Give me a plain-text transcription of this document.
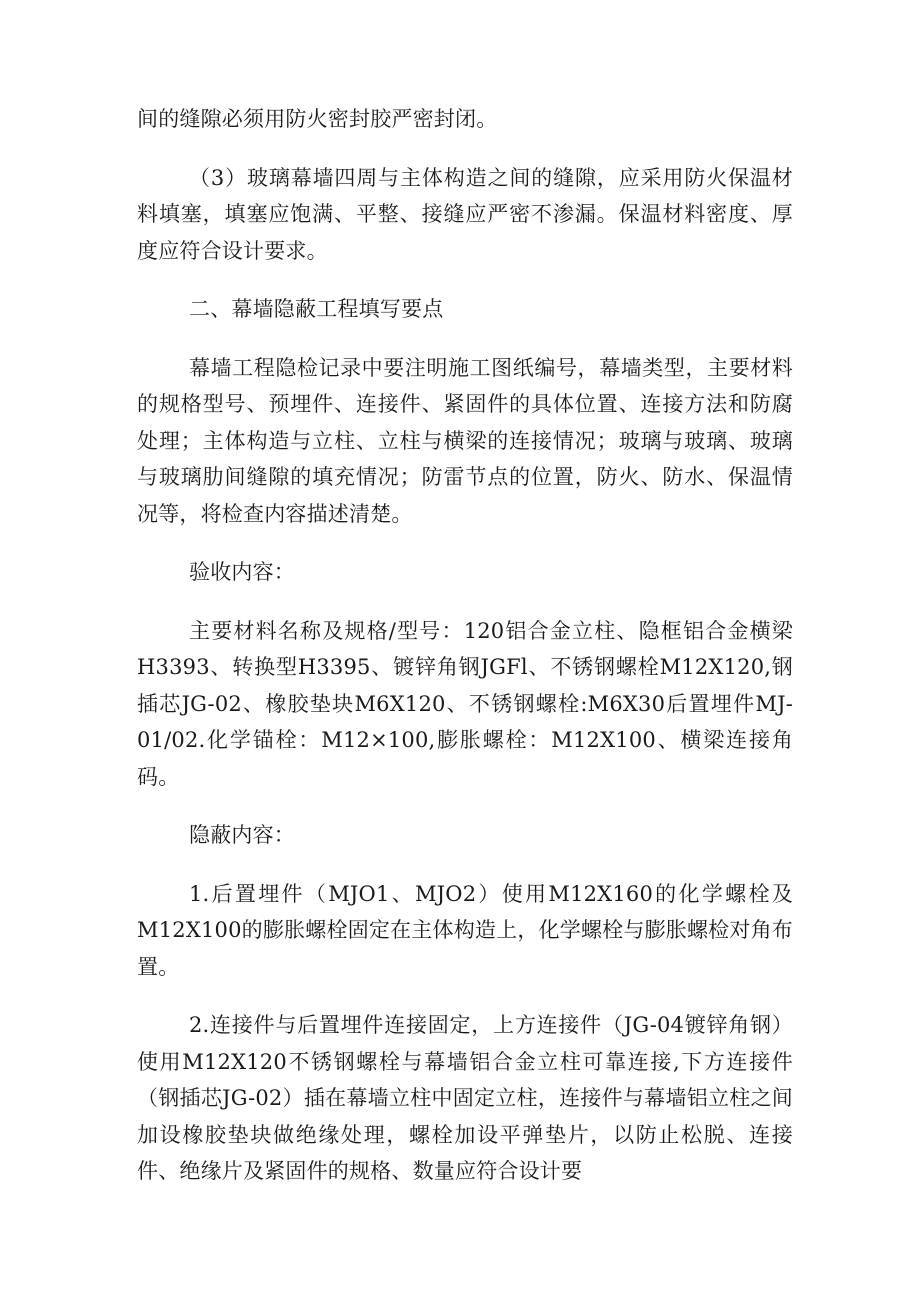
间的缝隙必须用防火密封胶严密封闭。

（3）玻璃幕墙四周与主体构造之间的缝隙，应采用防火保温材料填塞，填塞应饱满、平整、接缝应严密不渗漏。保温材料密度、厚度应符合设计要求。

二、幕墙隐蔽工程填写要点

幕墙工程隐检记录中要注明施工图纸编号，幕墙类型，主要材料的规格型号、预埋件、连接件、紧固件的具体位置、连接方法和防腐处理；主体构造与立柱、立柱与横梁的连接情况；玻璃与玻璃、玻璃与玻璃肋间缝隙的填充情况；防雷节点的位置，防火、防水、保温情况等，将检查内容描述清楚。

验收内容：

主要材料名称及规格/型号：120铝合金立柱、隐框铝合金横梁H3393、转换型H3395、镀锌角钢JGFl、不锈钢螺栓M12X120,钢插芯JG-02、橡胶垫块M6X120、不锈钢螺栓:M6X30后置埋件MJ-01/02.化学锚栓：M12×100,膨胀螺栓：M12X100、横梁连接角码。

隐蔽内容：

1.后置埋件（MJO1、MJO2）使用M12X160的化学螺栓及M12X100的膨胀螺栓固定在主体构造上，化学螺栓与膨胀螺检对角布置。

2.连接件与后置埋件连接固定，上方连接件（JG-04镀锌角钢）使用M12X120不锈钢螺栓与幕墙铝合金立柱可靠连接,下方连接件（钢插芯JG-02）插在幕墙立柱中固定立柱，连接件与幕墙铝立柱之间加设橡胶垫块做绝缘处理，螺栓加设平弹垫片，以防止松脱、连接件、绝缘片及紧固件的规格、数量应符合设计要
